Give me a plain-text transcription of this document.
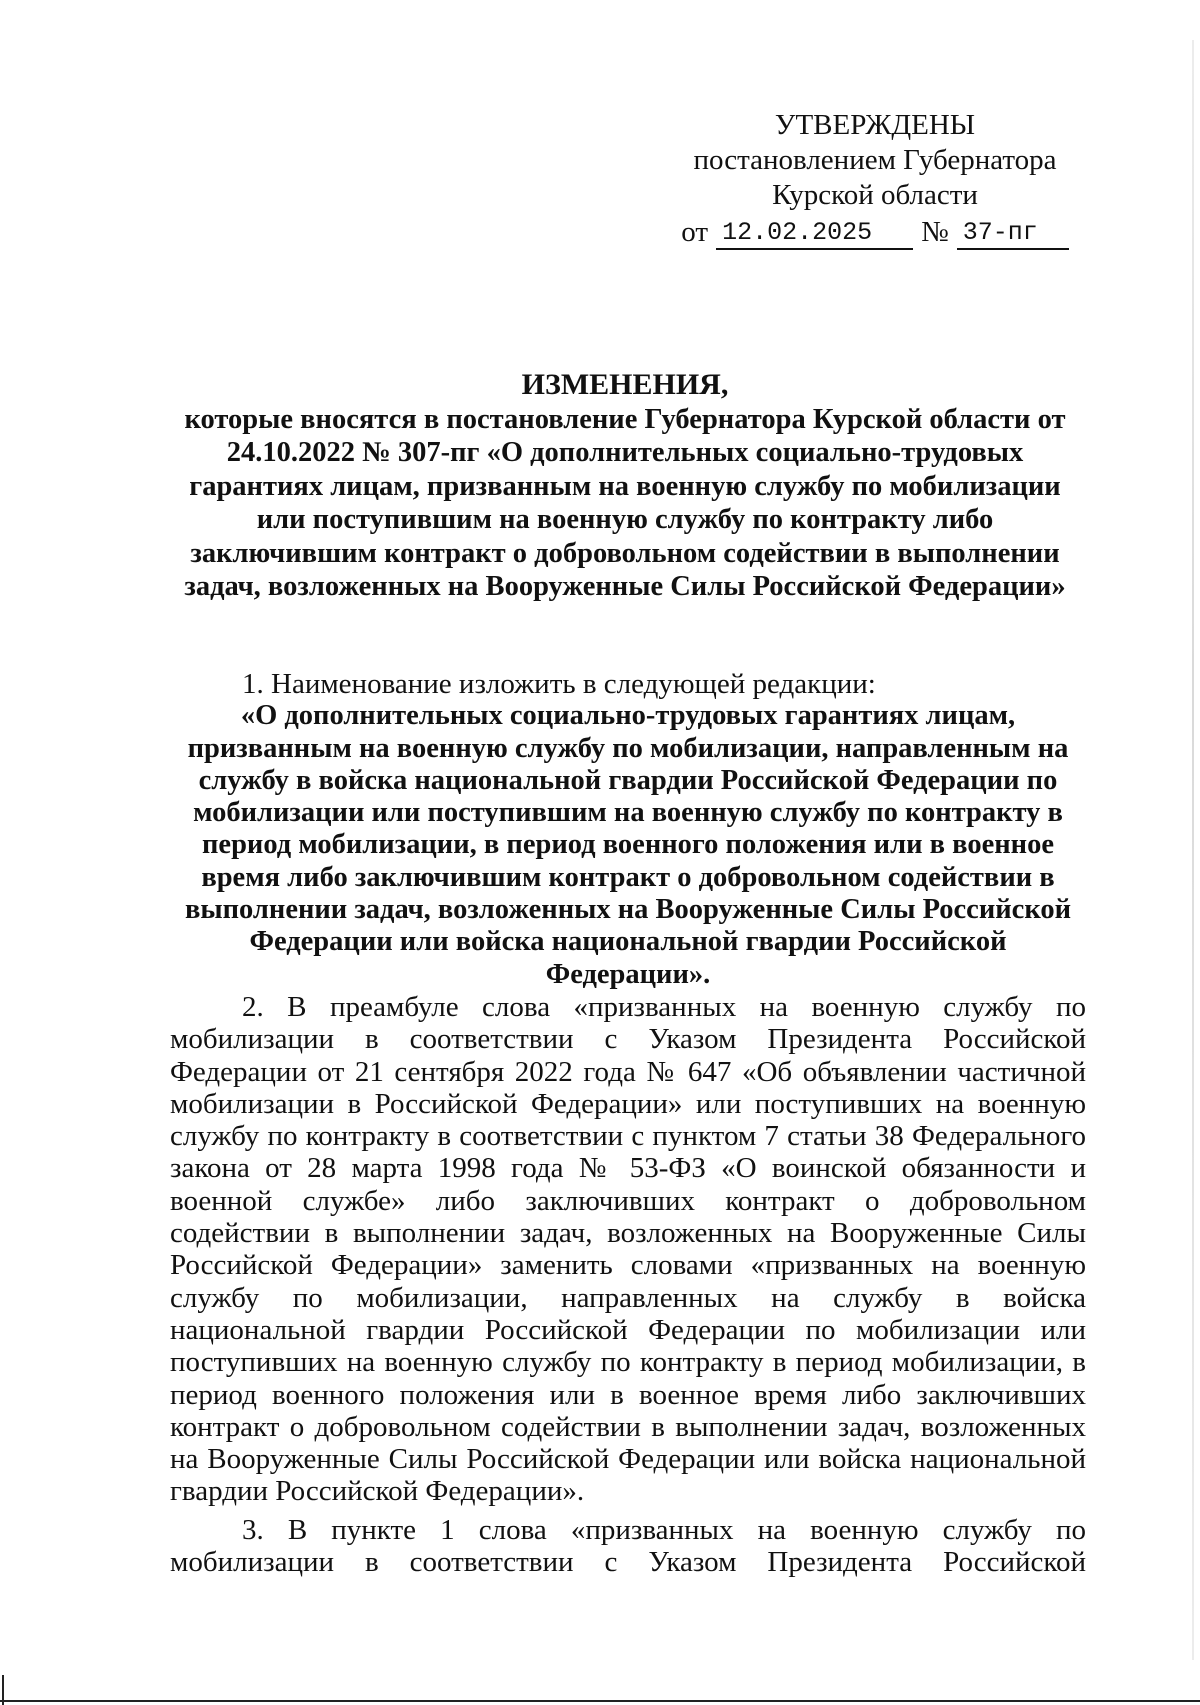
УТВЕРЖДЕНЫ
постановлением Губернатора
Курской области
от 12.02.2025	№ 37-пг
ИЗМЕНЕНИЯ,
которые вносятся в постановление Губернатора Курской области от
24.10.2022 № 307-пг «О дополнительных социально-трудовых
гарантиях лицам, призванным на военную службу по мобилизации
или поступившим на военную службу по контракту либо
заключившим контракт о добровольном содействии в выполнении
задач, возложенных на Вооруженные Силы Российской Федерации»
1. Наименование изложить в следующей редакции:
«О дополнительных социально-трудовых гарантиях лицам,
призванным на военную службу по мобилизации, направленным на
службу в войска национальной гвардии Российской Федерации по
мобилизации или поступившим на военную службу по контракту в
период мобилизации, в период военного положения или в военное
время либо заключившим контракт о добровольном содействии в
выполнении задач, возложенных на Вооруженные Силы Российской
Федерации или войска национальной гвардии Российской
Федерации».
2. В преамбуле слова «призванных на военную службу по
мобилизации в соответствии с Указом Президента Российской
Федерации от 21 сентября 2022 года № 647 «Об объявлении частичной
мобилизации в Российской Федерации» или поступивших на военную
службу по контракту в соответствии с пунктом 7 статьи 38 Федерального
закона от 28 марта 1998 года № 53-ФЗ «О воинской обязанности и
военной службе» либо заключивших контракт о добровольном
содействии в выполнении задач, возложенных на Вооруженные Силы
Российской Федерации» заменить словами «призванных на военную
службу по мобилизации, направленных на службу в войска
национальной гвардии Российской Федерации по мобилизации или
поступивших на военную службу по контракту в период мобилизации, в
период военного положения или в военное время либо заключивших
контракт о добровольном содействии в выполнении задач, возложенных
на Вооруженные Силы Российской Федерации или войска национальной
гвардии Российской Федерации».
3. В пункте 1 слова «призванных на военную службу по
мобилизации в соответствии с Указом Президента Российской
